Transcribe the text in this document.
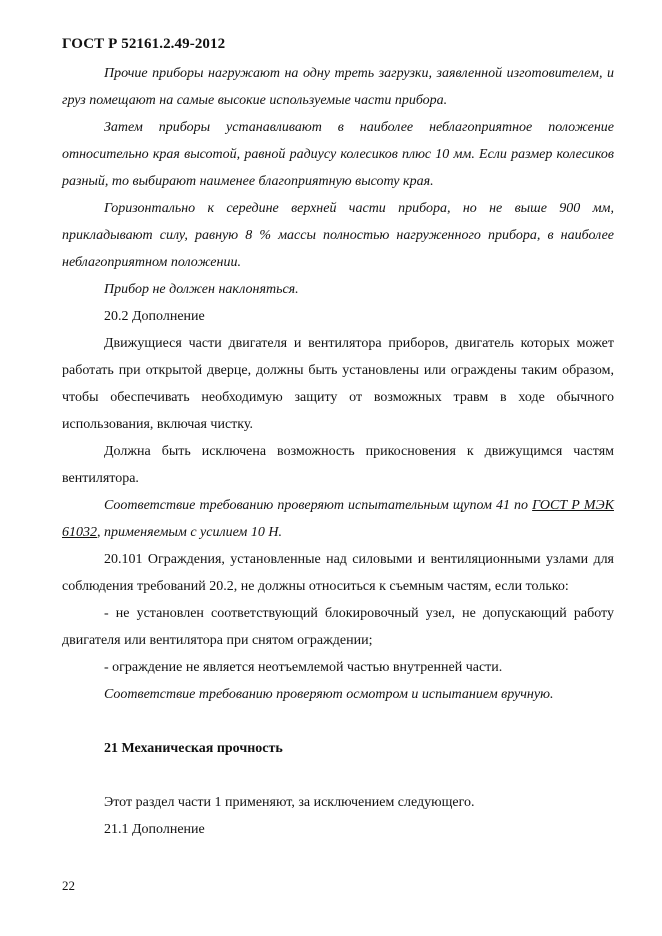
ГОСТ Р 52161.2.49-2012

Прочие приборы нагружают на одну треть загрузки, заявленной изготовителем, и груз помещают на самые высокие используемые части прибора.

Затем приборы устанавливают в наиболее неблагоприятное положение относительно края высотой, равной радиусу колесиков плюс 10 мм. Если размер колесиков разный, то выбирают наименее благоприятную высоту края.

Горизонтально к середине верхней части прибора, но не выше 900 мм, прикладывают силу, равную 8 % массы полностью нагруженного прибора, в наиболее неблагоприятном положении.

Прибор не должен наклоняться.

20.2 Дополнение

Движущиеся части двигателя и вентилятора приборов, двигатель которых может работать при открытой дверце, должны быть установлены или ограждены таким образом, чтобы обеспечивать необходимую защиту от возможных травм в ходе обычного использования, включая чистку.

Должна быть исключена возможность прикосновения к движущимся частям вентилятора.

Соответствие требованию проверяют испытательным щупом 41 по ГОСТ Р МЭК 61032, применяемым с усилием 10 Н.

20.101 Ограждения, установленные над силовыми и вентиляционными узлами для соблюдения требований 20.2, не должны относиться к съемным частям, если только:

- не установлен соответствующий блокировочный узел, не допускающий работу двигателя или вентилятора при снятом ограждении;

- ограждение не является неотъемлемой частью внутренней части.

Соответствие требованию проверяют осмотром и испытанием вручную.

21 Механическая прочность

Этот раздел части 1 применяют, за исключением следующего.

21.1 Дополнение

22
